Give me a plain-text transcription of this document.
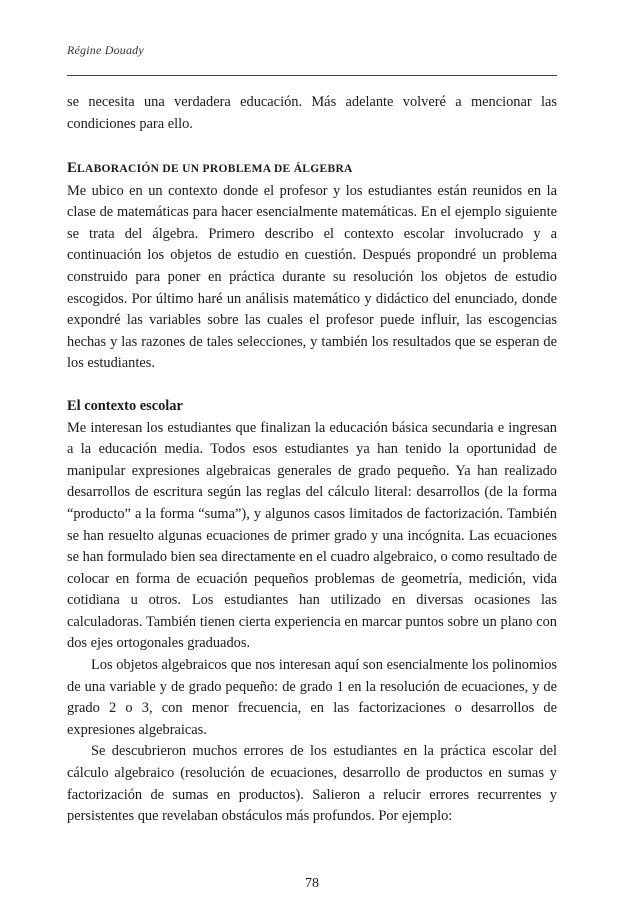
Régine Douady

se necesita una verdadera educación. Más adelante volveré a mencionar las condiciones para ello.

ELABORACIÓN DE UN PROBLEMA DE ÁLGEBRA

Me ubico en un contexto donde el profesor y los estudiantes están reunidos en la clase de matemáticas para hacer esencialmente matemáticas. En el ejemplo siguiente se trata del álgebra. Primero describo el contexto escolar involucrado y a continuación los objetos de estudio en cuestión. Después propondré un problema construido para poner en práctica durante su resolución los objetos de estudio escogidos. Por último haré un análisis matemático y didáctico del enunciado, donde expondré las variables sobre las cuales el profesor puede influir, las escogencias hechas y las razones de tales selecciones, y también los resultados que se esperan de los estudiantes.

El contexto escolar

Me interesan los estudiantes que finalizan la educación básica secundaria e ingresan a la educación media. Todos esos estudiantes ya han tenido la oportunidad de manipular expresiones algebraicas generales de grado pequeño. Ya han realizado desarrollos de escritura según las reglas del cálculo literal: desarrollos (de la forma “producto” a la forma “suma”), y algunos casos limitados de factorización. También se han resuelto algunas ecuaciones de primer grado y una incógnita. Las ecuaciones se han formulado bien sea directamente en el cuadro algebraico, o como resultado de colocar en forma de ecuación pequeños problemas de geometría, medición, vida cotidiana u otros. Los estudiantes han utilizado en diversas ocasiones las calculadoras. También tienen cierta experiencia en marcar puntos sobre un plano con dos ejes ortogonales graduados.

Los objetos algebraicos que nos interesan aquí son esencialmente los polinomios de una variable y de grado pequeño: de grado 1 en la resolución de ecuaciones, y de grado 2 o 3, con menor frecuencia, en las factorizaciones o desarrollos de expresiones algebraicas.

Se descubrieron muchos errores de los estudiantes en la práctica escolar del cálculo algebraico (resolución de ecuaciones, desarrollo de productos en sumas y factorización de sumas en productos). Salieron a relucir errores recurrentes y persistentes que revelaban obstáculos más profundos. Por ejemplo:

78
